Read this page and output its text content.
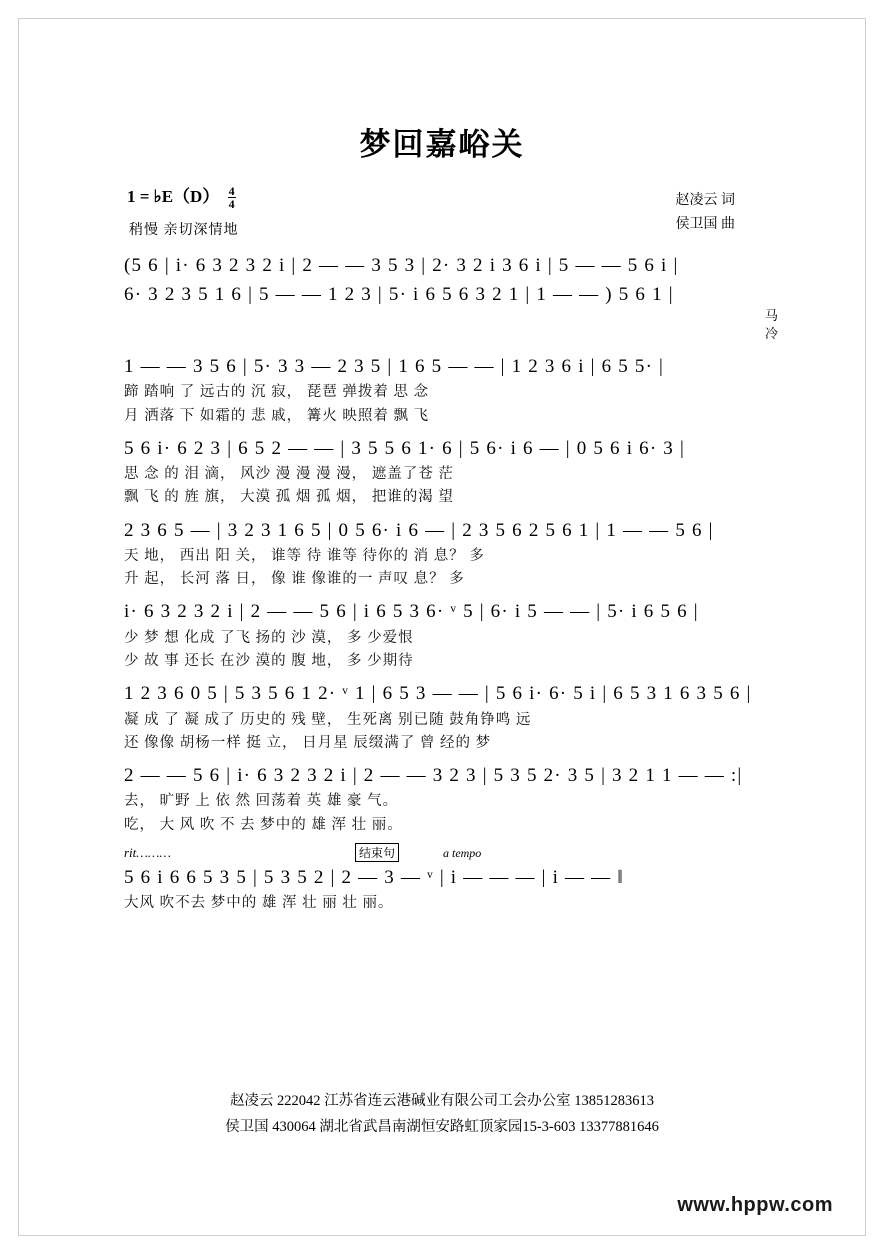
梦回嘉峪关
1 = ♭E（D） $\frac{4}{4}$
稍慢 亲切深情地
赵凌云 词
侯卫国 曲
(5 6 | i· 6 3 2 3 2 i | 2 — — 3 5 3 | 2· 3 2 i 3 6 i | 5 — — 5 6 i |
6· 3 2 3 5 1 6 | 5 — — 1 2 3 | 5· i 6 5 6 3 2 1 | 1 — — ) 5 6 1 |
马
冷
1 — — 3 5 6 | 5· 3 3 — 2 3 5 | 1 6 5 — — | 1 2 3 6 i | 6 5 5· |
蹄 踏响 了 远古的 沉 寂， 琵琶 弹拨着 思 念
月 洒落 下 如霜的 悲 戚， 篝火 映照着 飘 飞
5 6 i· 6 2 3 | 6 5 2 — — | 3 5 5 6 1· 6 | 5 6· i 6 — | 0 5 6 i 6· 3 |
思 念 的 泪 滴， 风沙 漫 漫 漫 漫， 遮盖了苍 茫
飘 飞 的 旌 旗， 大漠 孤 烟 孤 烟， 把谁的渴 望
2 3 6 5 — | 3 2 3 1 6 5 | 0 5 6· i 6 — | 2 3 5 6 2 5 6 1 | 1 — — 5 6 |
天 地， 西出 阳 关， 谁等 待 谁等 待你的 消 息？ 多
升 起， 长河 落 日， 像 谁 像谁的一 声叹 息？ 多
i· 6 3 2 3 2 i | 2 — — 5 6 | i 6 5 3 6· ᵛ 5 | 6· i 5 — — | 5· i 6 5 6 |
少 梦 想 化成 了飞 扬的 沙 漠， 多 少爱恨
少 故 事 还长 在沙 漠的 腹 地， 多 少期待
1 2 3 6 0 5 | 5 3 5 6 1 2· ᵛ 1 | 6 5 3 — — | 5 6 i· 6· 5 i | 6 5 3 1 6 3 5 6 |
凝 成 了 凝 成了 历史的 残 壁， 生死离 别已随 鼓角铮鸣 远
还 像像 胡杨一样 挺 立， 日月星 辰缀满了 曾 经的 梦
2 — — 5 6 | i· 6 3 2 3 2 i | 2 — — 3 2 3 | 5 3 5 2· 3 5 | 3 2 1 1 — — :|
去， 旷野 上 依 然 回荡着 英 雄 豪 气。
吃， 大 风 吹 不 去 梦中的 雄 浑 壮 丽。
rit………	结束句	a tempo
5 6 i 6 6 5 3 5 | 5 3 5 2 | 2 — 3 — ᵛ | i — — — | i — — ‖
大风 吹不去 梦中的 雄 浑 壮 丽 壮 丽。
赵凌云 222042 江苏省连云港碱业有限公司工会办公室 13851283613
侯卫国 430064 湖北省武昌南湖恒安路虹顶家园15-3-603 13377881646
www.hppw.com
